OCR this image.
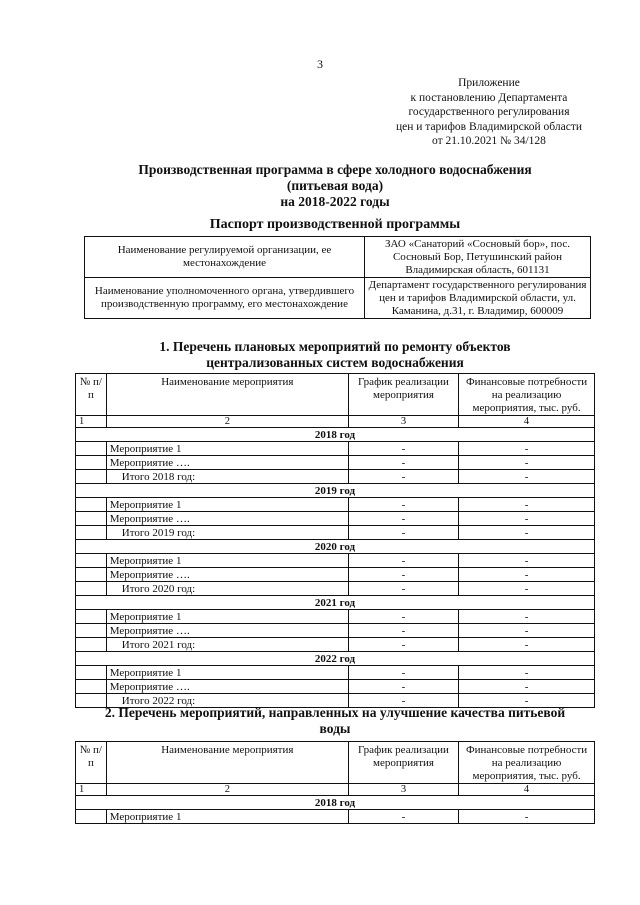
3
Приложение
к постановлению Департамента
государственного регулирования
цен и тарифов Владимирской области
от 21.10.2021 № 34/128
Производственная программа в сфере холодного водоснабжения
(питьевая вода)
на 2018-2022 годы
Паспорт производственной программы
Наименование регулируемой организации, ее местонахождение	ЗАО «Санаторий «Сосновый бор», пос. Сосновый Бор, Петушинский район Владимирская область, 601131
Наименование уполномоченного органа, утвердившего производственную программу, его местонахождение	Департамент государственного регулирования цен и тарифов Владимирской области, ул. Каманина, д.31, г. Владимир, 600009
1. Перечень плановых мероприятий по ремонту объектов
централизованных систем водоснабжения
№ п/п	Наименование мероприятия	График реализации мероприятия	Финансовые потребности на реализацию мероприятия, тыс. руб.
1	2	3	4
2018 год			
	Мероприятие 1	-	-
	Мероприятие ….	-	-
	Итого 2018 год:	-	-
2019 год			
	Мероприятие 1	-	-
	Мероприятие ….	-	-
	Итого 2019 год:	-	-
2020 год			
	Мероприятие 1	-	-
	Мероприятие ….	-	-
	Итого 2020 год:	-	-
2021 год			
	Мероприятие 1	-	-
	Мероприятие ….	-	-
	Итого 2021 год:	-	-
2022 год			
	Мероприятие 1	-	-
	Мероприятие ….	-	-
	Итого 2022 год:	-	-
2. Перечень мероприятий, направленных на улучшение качества питьевой
воды
№ п/п	Наименование мероприятия	График реализации мероприятия	Финансовые потребности на реализацию мероприятия, тыс. руб.
1	2	3	4
2018 год			
	Мероприятие 1	-	-
